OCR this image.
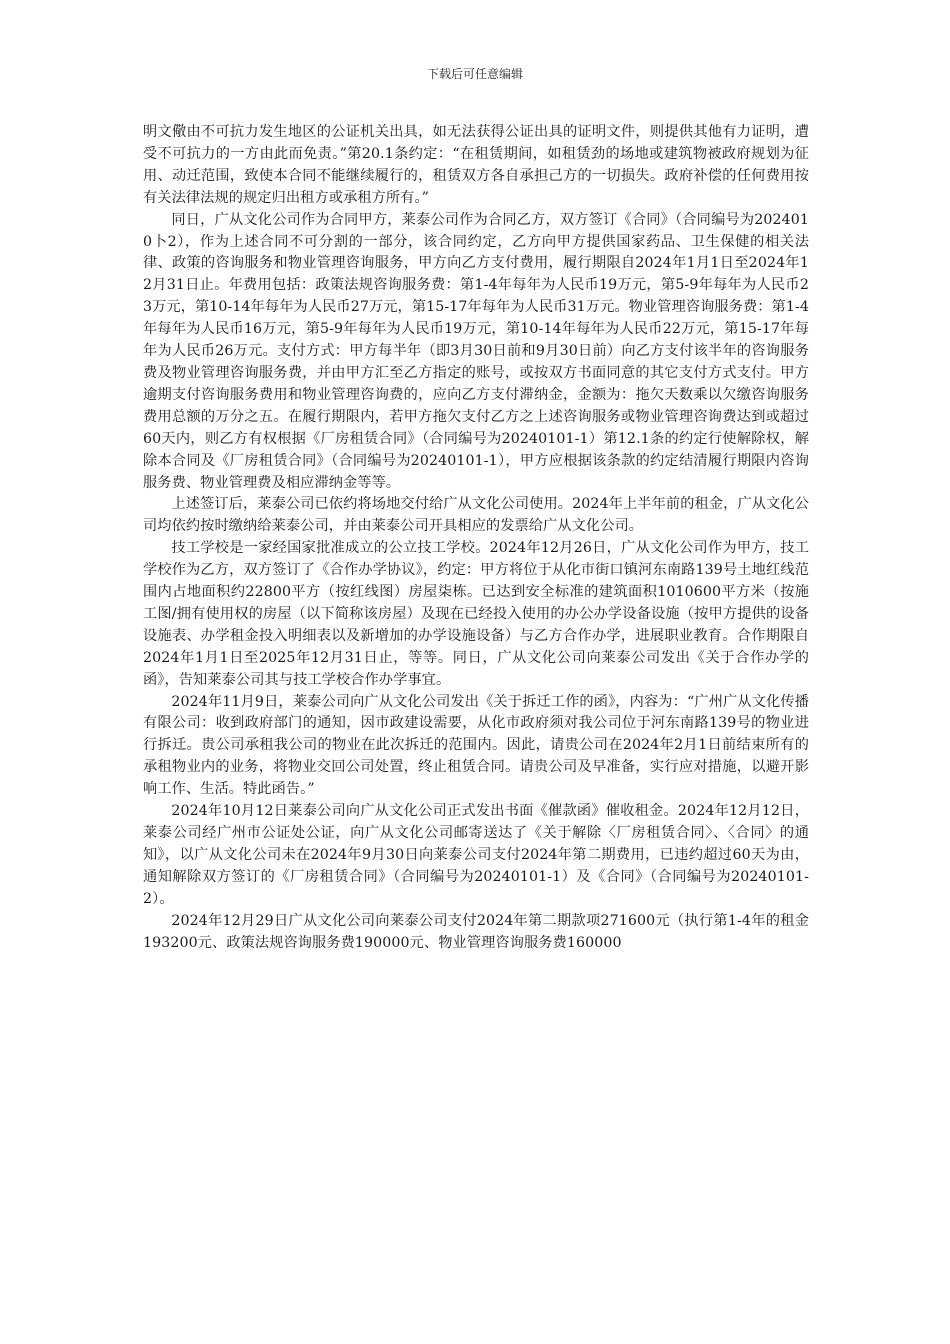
下载后可任意编辑

明文儆由不可抗力发生地区的公证机关出具，如无法获得公证出具的证明文件，则提供其他有力证明，遭受不可抗力的一方由此而免责。”第20.1条约定：“在租赁期间，如租赁劲的场地或建筑物被政府规划为征用、动迁范围，致使本合同不能继续履行的，租赁双方各自承担己方的一切损失。政府补偿的任何费用按有关法律法规的规定归出租方或承租方所有。”

同日，广从文化公司作为合同甲方，莱泰公司作为合同乙方，双方签订《合同》（合同编号为2024010卜2），作为上述合同不可分割的一部分，该合同约定，乙方向甲方提供国家药品、卫生保健的相关法律、政策的咨询服务和物业管理咨询服务，甲方向乙方支付费用，履行期限自2024年1月1日至2024年12月31日止。年费用包括：政策法规咨询服务费：第1-4年每年为人民币19万元，第5-9年每年为人民币23万元，第10-14年每年为人民币27万元，第15-17年每年为人民币31万元。物业管理咨询服务费：第1-4年每年为人民币16万元，第5-9年每年为人民币19万元，第10-14年每年为人民币22万元，第15-17年每年为人民币26万元。支付方式：甲方每半年（即3月30日前和9月30日前）向乙方支付该半年的咨询服务费及物业管理咨询服务费，并由甲方汇至乙方指定的账号，或按双方书面同意的其它支付方式支付。甲方逾期支付咨询服务费用和物业管理咨询费的，应向乙方支付滞纳金，金额为：拖欠天数乘以欠缴咨询服务费用总额的万分之五。在履行期限内，若甲方拖欠支付乙方之上述咨询服务或物业管理咨询费达到或超过60天内，则乙方有权根据《厂房租赁合同》（合同编号为20240101-1）第12.1条的约定行使解除权，解除本合同及《厂房租赁合同》（合同编号为20240101-1），甲方应根据该条款的约定结清履行期限内咨询服务费、物业管理费及相应滞纳金等等。

上述签订后，莱泰公司已依约将场地交付给广从文化公司使用。2024年上半年前的租金，广从文化公司均依约按时缴纳给莱泰公司，并由莱泰公司开具相应的发票给广从文化公司。

技工学校是一家经国家批准成立的公立技工学校。2024年12月26日，广从文化公司作为甲方，技工学校作为乙方，双方签订了《合作办学协议》，约定：甲方将位于从化市街口镇河东南路139号土地红线范围内占地面积约22800平方（按红线图）房屋柒栋。已达到安全标准的建筑面积1010600平方米（按施工图/拥有使用权的房屋（以下简称该房屋）及现在已经投入使用的办公办学设备设施（按甲方提供的设备设施表、办学租金投入明细表以及新增加的办学设施设备）与乙方合作办学，进展职业教育。合作期限自2024年1月1日至2025年12月31日止，等等。同日，广从文化公司向莱泰公司发出《关于合作办学的函》，告知莱泰公司其与技工学校合作办学事宜。

2024年11月9日，莱泰公司向广从文化公司发出《关于拆迁工作的函》，内容为：“广州广从文化传播有限公司：收到政府部门的通知，因市政建设需要，从化市政府须对我公司位于河东南路139号的物业进行拆迁。贵公司承租我公司的物业在此次拆迁的范围内。因此，请贵公司在2024年2月1日前结束所有的承租物业内的业务，将物业交回公司处置，终止租赁合同。请贵公司及早准备，实行应对措施，以避开影响工作、生活。特此函告。”

2024年10月12日莱泰公司向广从文化公司正式发出书面《催款函》催收租金。2024年12月12日，莱泰公司经广州市公证处公证，向广从文化公司邮寄送达了《关于解除〈厂房租赁合同〉、〈合同〉的通知》，以广从文化公司未在2024年9月30日向莱泰公司支付2024年第二期费用，已违约超过60天为由，通知解除双方签订的《厂房租赁合同》（合同编号为20240101-1）及《合同》（合同编号为20240101-2）。

2024年12月29日广从文化公司向莱泰公司支付2024年第二期款项271600元（执行第1-4年的租金193200元、政策法规咨询服务费190000元、物业管理咨询服务费160000
